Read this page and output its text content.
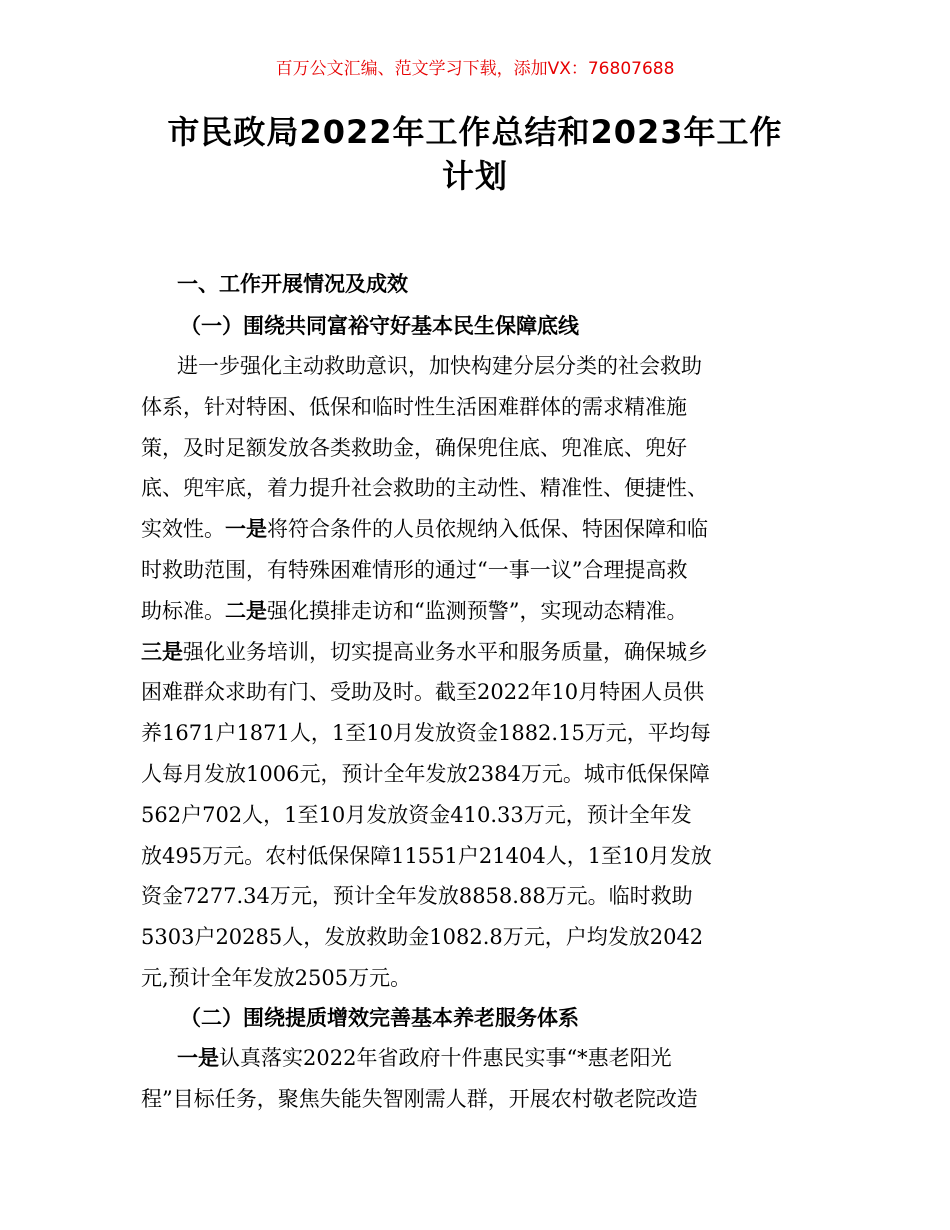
百万公文汇编、范文学习下载，添加VX：76807688

市民政局2022年工作总结和2023年工作
计划

一、工作开展情况及成效

（一）围绕共同富裕守好基本民生保障底线

进一步强化主动救助意识，加快构建分层分类的社会救助
体系，针对特困、低保和临时性生活困难群体的需求精准施
策，及时足额发放各类救助金，确保兜住底、兜准底、兜好
底、兜牢底，着力提升社会救助的主动性、精准性、便捷性、
实效性。一是将符合条件的人员依规纳入低保、特困保障和临
时救助范围，有特殊困难情形的通过“一事一议”合理提高救
助标准。二是强化摸排走访和“监测预警”，实现动态精准。
三是强化业务培训，切实提高业务水平和服务质量，确保城乡
困难群众求助有门、受助及时。截至2022年10月特困人员供
养1671户1871人，1至10月发放资金1882.15万元，平均每
人每月发放1006元，预计全年发放2384万元。城市低保保障
562户702人，1至10月发放资金410.33万元，预计全年发
放495万元。农村低保保障11551户21404人，1至10月发放
资金7277.34万元，预计全年发放8858.88万元。临时救助
5303户20285人，发放救助金1082.8万元，户均发放2042
元,预计全年发放2505万元。

（二）围绕提质增效完善基本养老服务体系

一是认真落实2022年省政府十件惠民实事“*惠老阳光
程”目标任务，聚焦失能失智刚需人群，开展农村敬老院改造
